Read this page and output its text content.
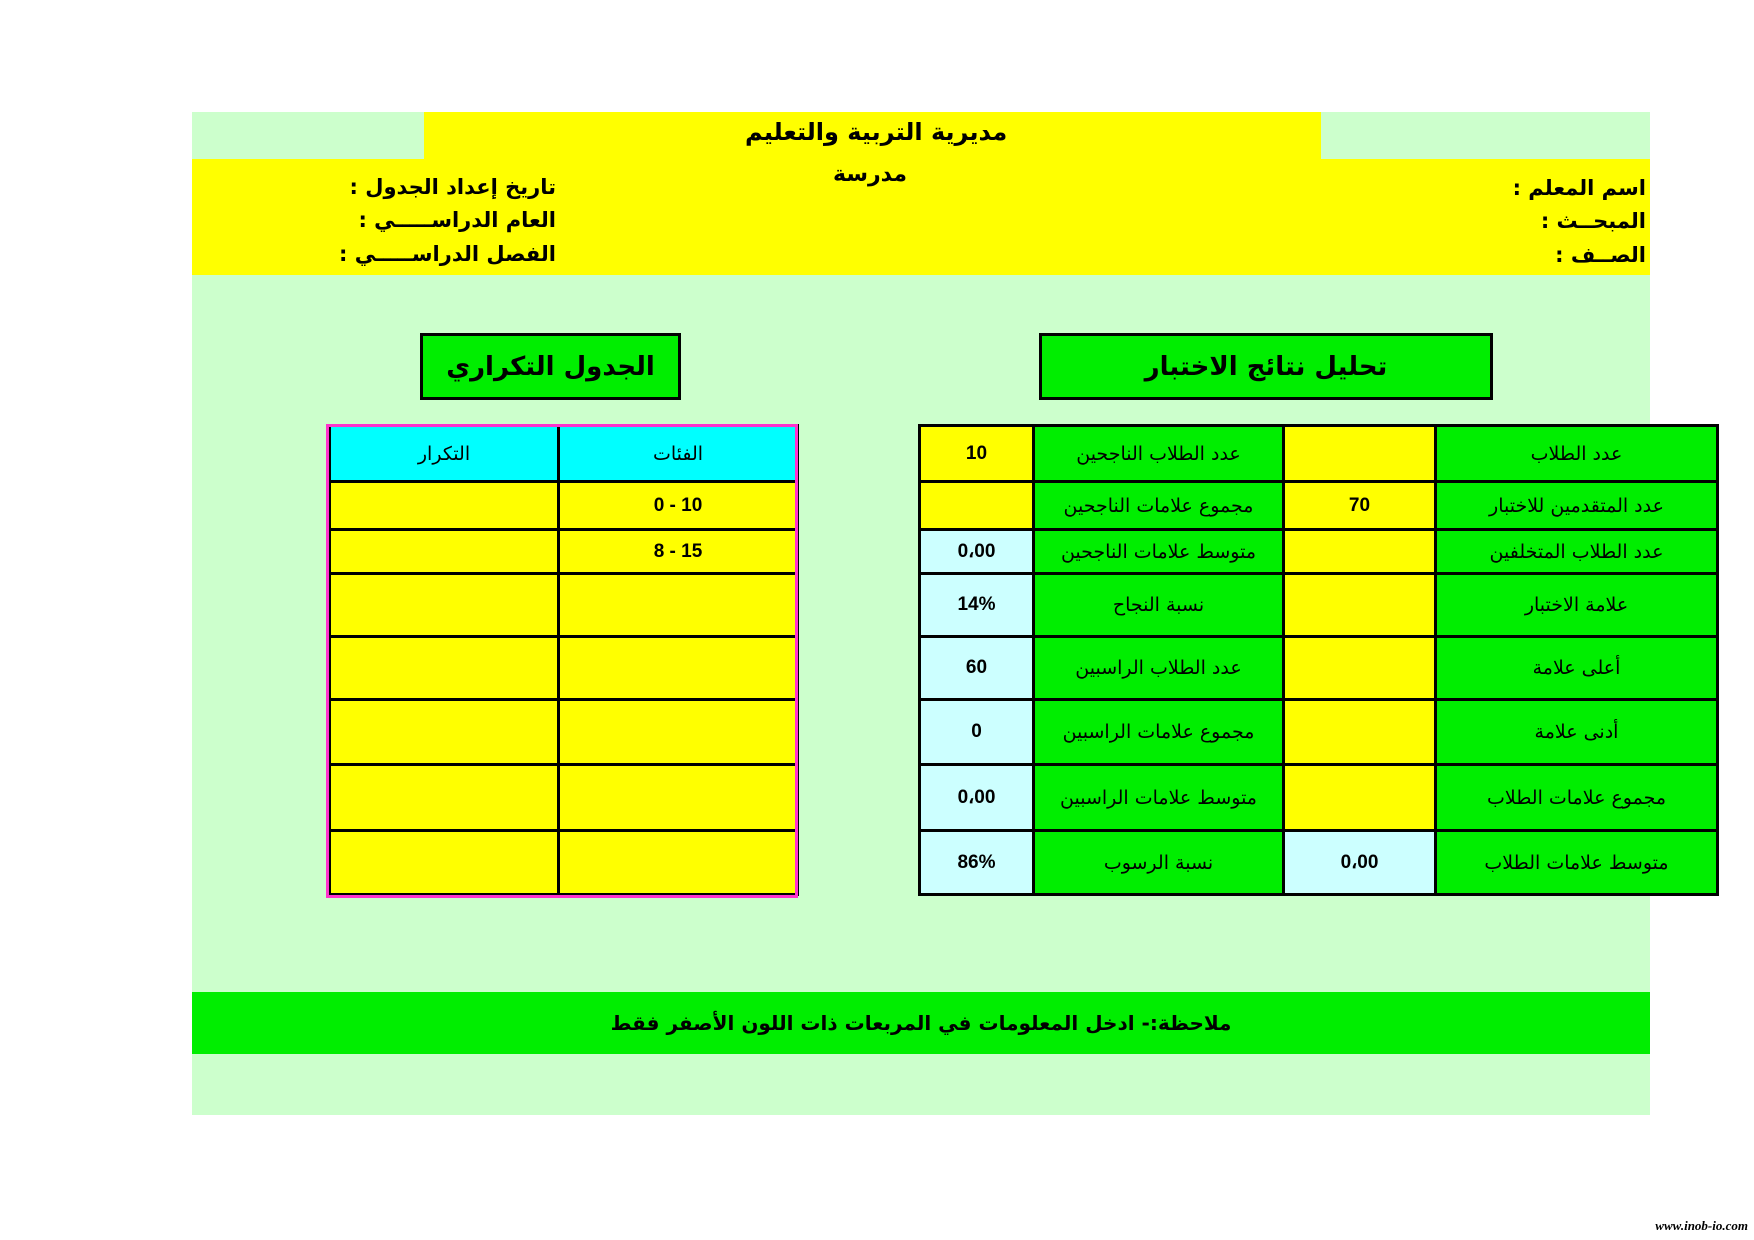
مديرية التربية والتعليم
مدرسة
اسم المعلم :
المبحــث :
الصــف :
تاريخ إعداد الجدول :
العام الدراســـــي :
الفصل الدراســـــي :
الجدول التكراري	تحليل نتائج الاختبار
10	عدد الطلاب الناجحين		عدد الطلاب
	مجموع علامات الناجحين	70	عدد المتقدمين للاختبار
0،00	متوسط علامات الناجحين		عدد الطلاب المتخلفين
14%	نسبة النجاح		علامة الاختبار
60	عدد الطلاب الراسبين		أعلى علامة
0	مجموع علامات الراسبين		أدنى علامة
0،00	متوسط علامات الراسبين		مجموع علامات الطلاب
86%	نسبة الرسوب	0،00	متوسط علامات الطلاب
التكرار	الفئات
	0 - 10
	8 - 15

ملاحظة:- ادخل المعلومات في المربعات ذات اللون الأصفر فقط
www.inob-io.com
